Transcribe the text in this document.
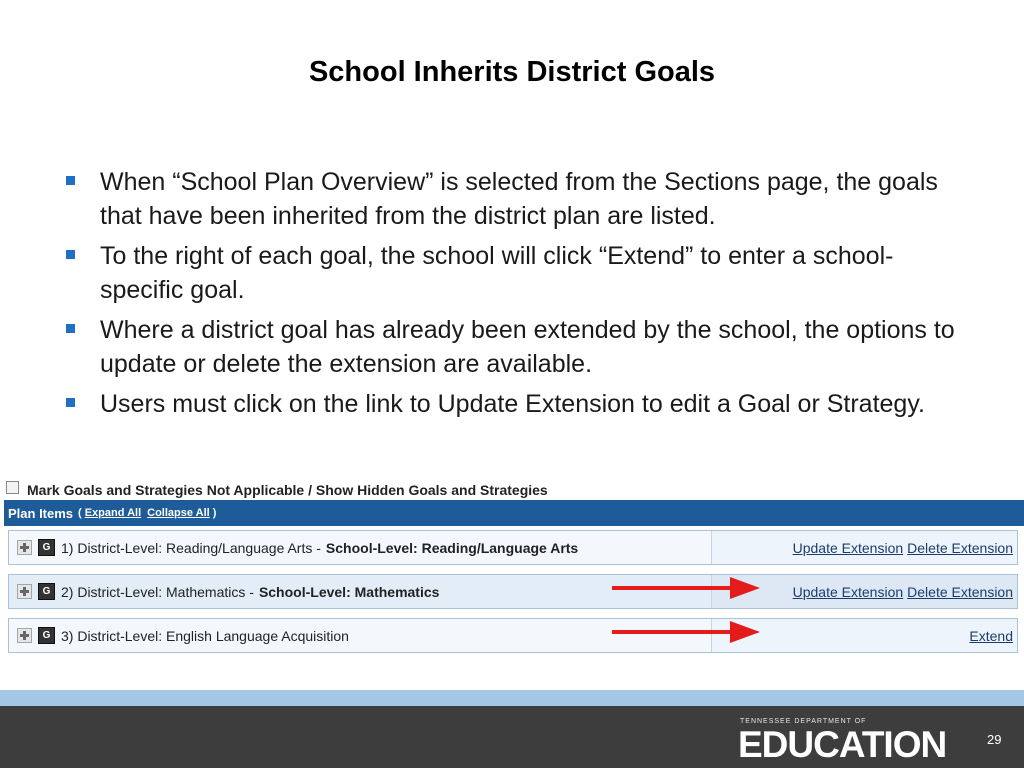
School Inherits District Goals
When “School Plan Overview” is selected from the Sections page, the goals that have been inherited from the district plan are listed.
To the right of each goal, the school will click “Extend” to enter a school-specific goal.
Where a district goal has already been extended by the school, the options to update or delete the extension are available.
Users must click on the link to Update Extension to edit a Goal or Strategy.
Mark Goals and Strategies Not Applicable / Show Hidden Goals and Strategies
Plan Items ( Expand All Collapse All )
G 1) District-Level: Reading/Language Arts - School-Level: Reading/Language Arts	Update Extension Delete Extension
G 2) District-Level: Mathematics - School-Level: Mathematics	Update Extension Delete Extension
G 3) District-Level: English Language Acquisition	Extend
TENNESSEE DEPARTMENT OF
EDUCATION	29
